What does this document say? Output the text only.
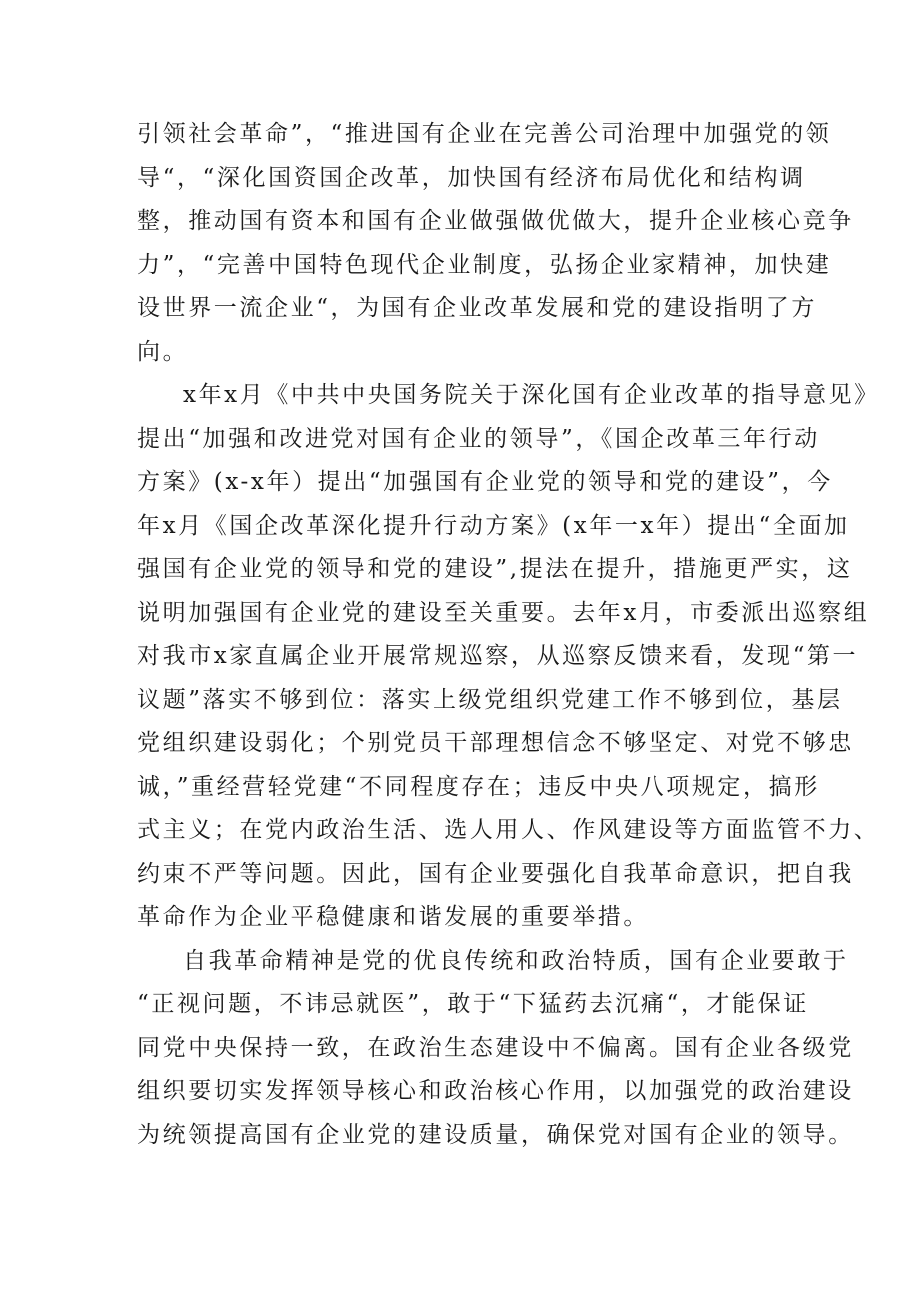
引领社会革命”，“推进国有企业在完善公司治理中加强党的领
导“，“深化国资国企改革，加快国有经济布局优化和结构调
整，推动国有资本和国有企业做强做优做大，提升企业核心竞争
力”，“完善中国特色现代企业制度，弘扬企业家精神，加快建
设世界一流企业“，为国有企业改革发展和党的建设指明了方
向。
x年x月《中共中央国务院关于深化国有企业改革的指导意见》
提出“加强和改进党对国有企业的领导”，《国企改革三年行动
方案》(x-x年）提出“加强国有企业党的领导和党的建设”，今
年x月《国企改革深化提升行动方案》(x年一x年）提出“全面加
强国有企业党的领导和党的建设”,提法在提升，措施更严实，这
说明加强国有企业党的建设至关重要。去年x月，市委派出巡察组
对我市x家直属企业开展常规巡察，从巡察反馈来看，发现“第一
议题”落实不够到位：落实上级党组织党建工作不够到位，基层
党组织建设弱化；个别党员干部理想信念不够坚定、对党不够忠
诚，”重经营轻党建“不同程度存在；违反中央八项规定，搞形
式主义；在党内政治生活、选人用人、作风建设等方面监管不力、
约束不严等问题。因此，国有企业要强化自我革命意识，把自我
革命作为企业平稳健康和谐发展的重要举措。
自我革命精神是党的优良传统和政治特质，国有企业要敢于
“正视问题，不讳忌就医”，敢于“下猛药去沉痛“，才能保证
同党中央保持一致，在政治生态建设中不偏离。国有企业各级党
组织要切实发挥领导核心和政治核心作用，以加强党的政治建设
为统领提高国有企业党的建设质量，确保党对国有企业的领导。
